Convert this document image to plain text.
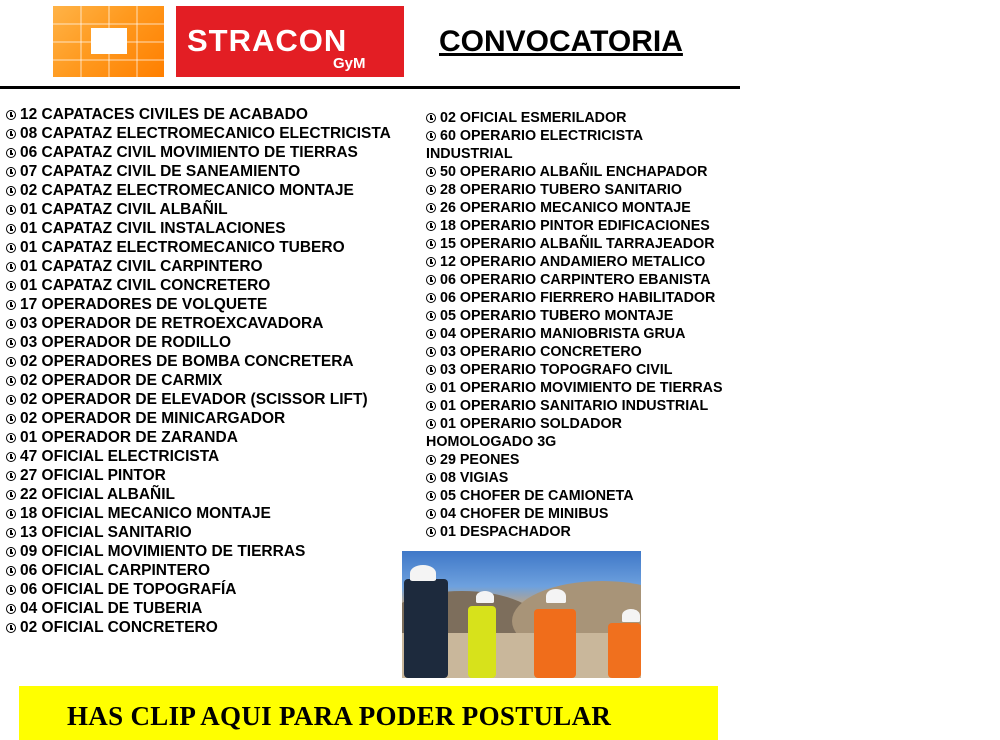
STRACON
GyM
CONVOCATORIA
12 CAPATACES CIVILES DE ACABADO
08 CAPATAZ ELECTROMECANICO ELECTRICISTA
06 CAPATAZ CIVIL MOVIMIENTO DE TIERRAS
07 CAPATAZ CIVIL DE SANEAMIENTO
02 CAPATAZ ELECTROMECANICO MONTAJE
01 CAPATAZ CIVIL ALBAÑIL
01 CAPATAZ CIVIL INSTALACIONES
01 CAPATAZ ELECTROMECANICO TUBERO
01 CAPATAZ CIVIL CARPINTERO
01 CAPATAZ CIVIL CONCRETERO
17 OPERADORES DE VOLQUETE
03 OPERADOR DE RETROEXCAVADORA
03 OPERADOR DE RODILLO
02 OPERADORES DE BOMBA CONCRETERA
02 OPERADOR DE CARMIX
02 OPERADOR DE ELEVADOR (SCISSOR LIFT)
02 OPERADOR DE MINICARGADOR
01 OPERADOR DE ZARANDA
47 OFICIAL ELECTRICISTA
27 OFICIAL PINTOR
22 OFICIAL ALBAÑIL
18 OFICIAL MECANICO MONTAJE
13 OFICIAL SANITARIO
09 OFICIAL MOVIMIENTO DE TIERRAS
06 OFICIAL CARPINTERO
06 OFICIAL DE TOPOGRAFÍA
04 OFICIAL DE TUBERIA
02 OFICIAL CONCRETERO
02 OFICIAL ESMERILADOR
60 OPERARIO ELECTRICISTA INDUSTRIAL
50 OPERARIO ALBAÑIL ENCHAPADOR
28 OPERARIO TUBERO SANITARIO
26 OPERARIO MECANICO MONTAJE
18 OPERARIO PINTOR EDIFICACIONES
15 OPERARIO ALBAÑIL TARRAJEADOR
12 OPERARIO ANDAMIERO METALICO
06 OPERARIO CARPINTERO EBANISTA
06 OPERARIO FIERRERO HABILITADOR
05 OPERARIO TUBERO MONTAJE
04 OPERARIO MANIOBRISTA GRUA
03 OPERARIO CONCRETERO
03 OPERARIO TOPOGRAFO CIVIL
01 OPERARIO MOVIMIENTO DE TIERRAS
01 OPERARIO SANITARIO INDUSTRIAL
01 OPERARIO SOLDADOR HOMOLOGADO 3G
29 PEONES
08 VIGIAS
05 CHOFER DE CAMIONETA
04 CHOFER DE MINIBUS
01 DESPACHADOR
HAS CLIP AQUI PARA PODER POSTULAR
